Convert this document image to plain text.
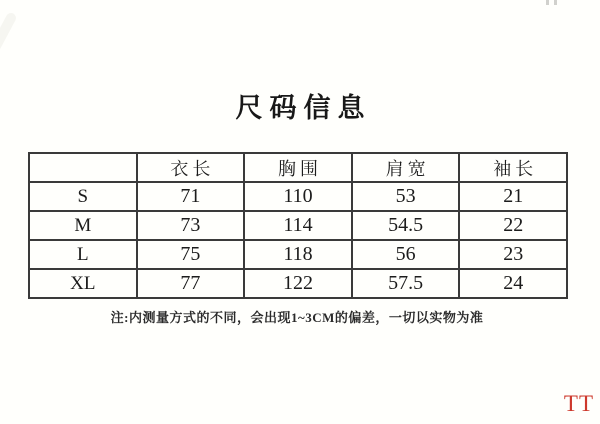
尺码信息
	衣长	胸围	肩宽	袖长
S	71	110	53	21
M	73	114	54.5	22
L	75	118	56	23
XL	77	122	57.5	24

注:内测量方式的不同，会出现1~3CM的偏差，一切以实物为准

TT
